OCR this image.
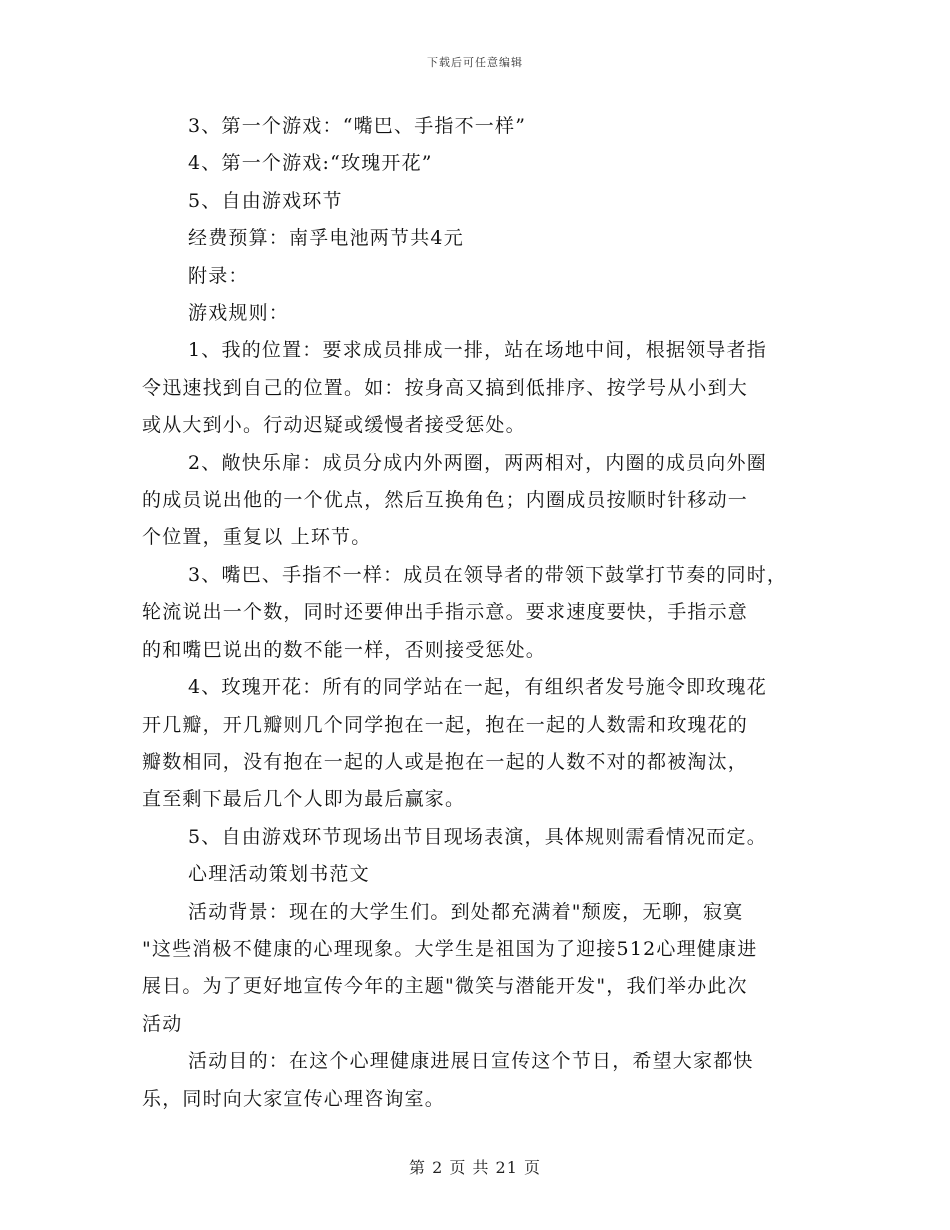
下载后可任意编辑

3、第一个游戏：“嘴巴、手指不一样”

4、第一个游戏:“玫瑰开花”

5、自由游戏环节

经费预算：南孚电池两节共4元

附录：

游戏规则：

1、我的位置：要求成员排成一排，站在场地中间，根据领导者指

令迅速找到自己的位置。如：按身高又搞到低排序、按学号从小到大

或从大到小。行动迟疑或缓慢者接受惩处。

2、敞快乐扉：成员分成内外两圈，两两相对，内圈的成员向外圈

的成员说出他的一个优点，然后互换角色；内圈成员按顺时针移动一

个位置，重复以 上环节。

3、嘴巴、手指不一样：成员在领导者的带领下鼓掌打节奏的同时，

轮流说出一个数，同时还要伸出手指示意。要求速度要快，手指示意

的和嘴巴说出的数不能一样，否则接受惩处。

4、玫瑰开花：所有的同学站在一起，有组织者发号施令即玫瑰花

开几瓣，开几瓣则几个同学抱在一起，抱在一起的人数需和玫瑰花的

瓣数相同，没有抱在一起的人或是抱在一起的人数不对的都被淘汰，

直至剩下最后几个人即为最后赢家。

5、自由游戏环节现场出节目现场表演，具体规则需看情况而定。

心理活动策划书范文

活动背景：现在的大学生们。到处都充满着"颓废，无聊，寂寞

"这些消极不健康的心理现象。大学生是祖国为了迎接512心理健康进

展日。为了更好地宣传今年的主题"微笑与潜能开发"，我们举办此次

活动

活动目的：在这个心理健康进展日宣传这个节日，希望大家都快

乐，同时向大家宣传心理咨询室。

第 2 页 共 21 页
